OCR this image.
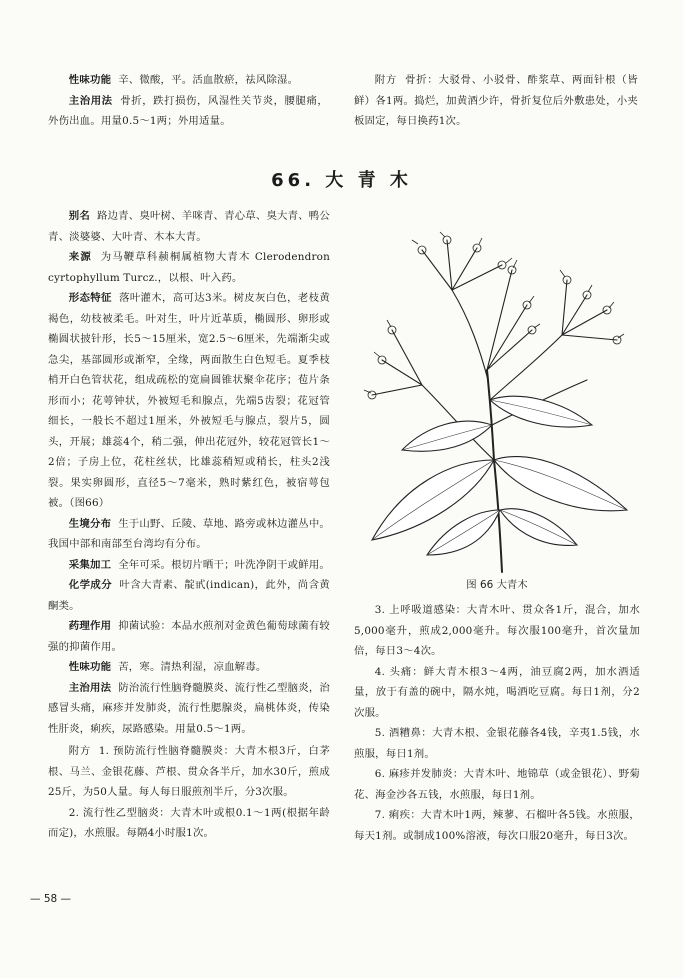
性味功能 辛、微酸，平。活血散瘀，祛风除湿。

主治用法 骨折，跌打损伤，风湿性关节炎，腰腿痛，外伤出血。用量0.5～1两；外用适量。

附方 骨折：大驳骨、小驳骨、酢浆草、两面针根（皆鲜）各1两。捣烂，加黄酒少许，骨折复位后外敷患处，小夹板固定，每日换药1次。

66. 大 青 木

别名 路边青、臭叶树、羊咪青、青心草、臭大青、鸭公青、淡婆婆、大叶青、木本大青。

来源 为马鞭草科赪桐属植物大青木 Clerodendron cyrtophyllum Turcz.，以根、叶入药。

形态特征 落叶灌木，高可达3米。树皮灰白色，老枝黄褐色，幼枝被柔毛。叶对生，叶片近革质，椭圆形、卵形或椭圆状披针形，长5～15厘米，宽2.5～6厘米，先端渐尖或急尖，基部圆形或渐窄，全缘，两面散生白色短毛。夏季枝梢开白色管状花，组成疏松的宽扁圆锥状聚伞花序；苞片条形而小；花萼钟状，外被短毛和腺点，先端5齿裂；花冠管细长，一般长不超过1厘米，外被短毛与腺点，裂片5，圆头，开展；雄蕊4个，稍二强，伸出花冠外，较花冠管长1～2倍；子房上位，花柱丝状，比雄蕊稍短或稍长，柱头2浅裂。果实卵圆形，直径5～7毫米，熟时紫红色，被宿萼包被。（图66）

生境分布 生于山野、丘陵、草地、路旁或林边灌丛中。我国中部和南部至台湾均有分布。

采集加工 全年可采。根切片晒干；叶洗净阴干或鲜用。

化学成分 叶含大青素、靛甙(indican)，此外，尚含黄酮类。

药理作用 抑菌试验：本品水煎剂对金黄色葡萄球菌有较强的抑菌作用。

性味功能 苦，寒。清热利湿，凉血解毒。

主治用法 防治流行性脑脊髓膜炎、流行性乙型脑炎，治感冒头痛，麻疹并发肺炎，流行性腮腺炎，扁桃体炎，传染性肝炎，痢疾，尿路感染。用量0.5～1两。

附方 1. 预防流行性脑脊髓膜炎：大青木根3斤，白茅根、马兰、金银花藤、芦根、贯众各半斤，加水30斤，煎成25斤，为50人量。每人每日服煎剂半斤，分3次服。

2. 流行性乙型脑炎：大青木叶或根0.1～1两(根据年龄而定)，水煎服。每隔4小时服1次。

图 66 大青木

3. 上呼吸道感染：大青木叶、贯众各1斤，混合，加水5,000毫升，煎成2,000毫升。每次服100毫升，首次量加倍，每日3～4次。

4. 头痛：鲜大青木根3～4两，油豆腐2两，加水酒适量，放于有盖的碗中，隔水炖，喝酒吃豆腐。每日1剂，分2次服。

5. 酒糟鼻：大青木根、金银花藤各4钱，辛夷1.5钱，水煎服，每日1剂。

6. 麻疹并发肺炎：大青木叶、地锦草（或金银花）、野菊花、海金沙各五钱，水煎服，每日1剂。

7. 痢疾：大青木叶1两，辣蓼、石榴叶各5钱。水煎服，每天1剂。或制成100%溶液，每次口服20毫升，每日3次。

— 58 —
